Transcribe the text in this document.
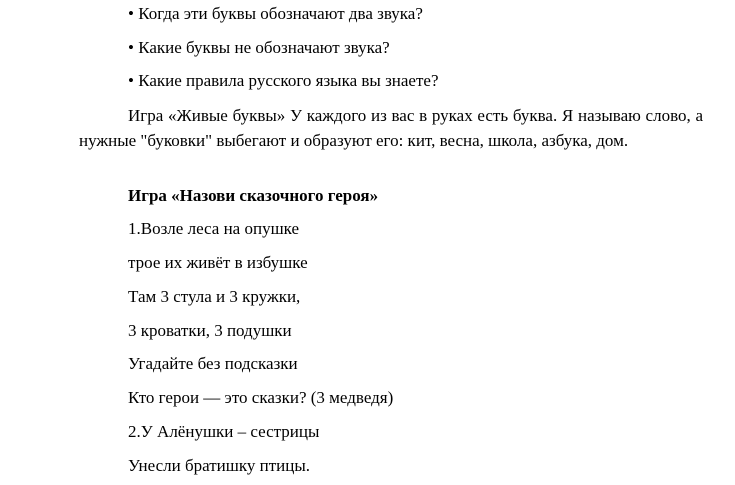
• Когда эти буквы обозначают два звука?
• Какие буквы не обозначают звука?
• Какие правила русского языка вы знаете?
Игра «Живые буквы» У каждого из вас в руках есть буква. Я называю слово, а нужные "буковки" выбегают и образуют его: кит, весна, школа, азбука, дом.
Игра «Назови сказочного героя»
1.Возле леса на опушке
трое их живёт в избушке
Там 3 стула и 3 кружки,
3 кроватки, 3 подушки
Угадайте без подсказки
Кто герои — это сказки? (3 медведя)
2.У Алёнушки – сестрицы
Унесли братишку птицы.
